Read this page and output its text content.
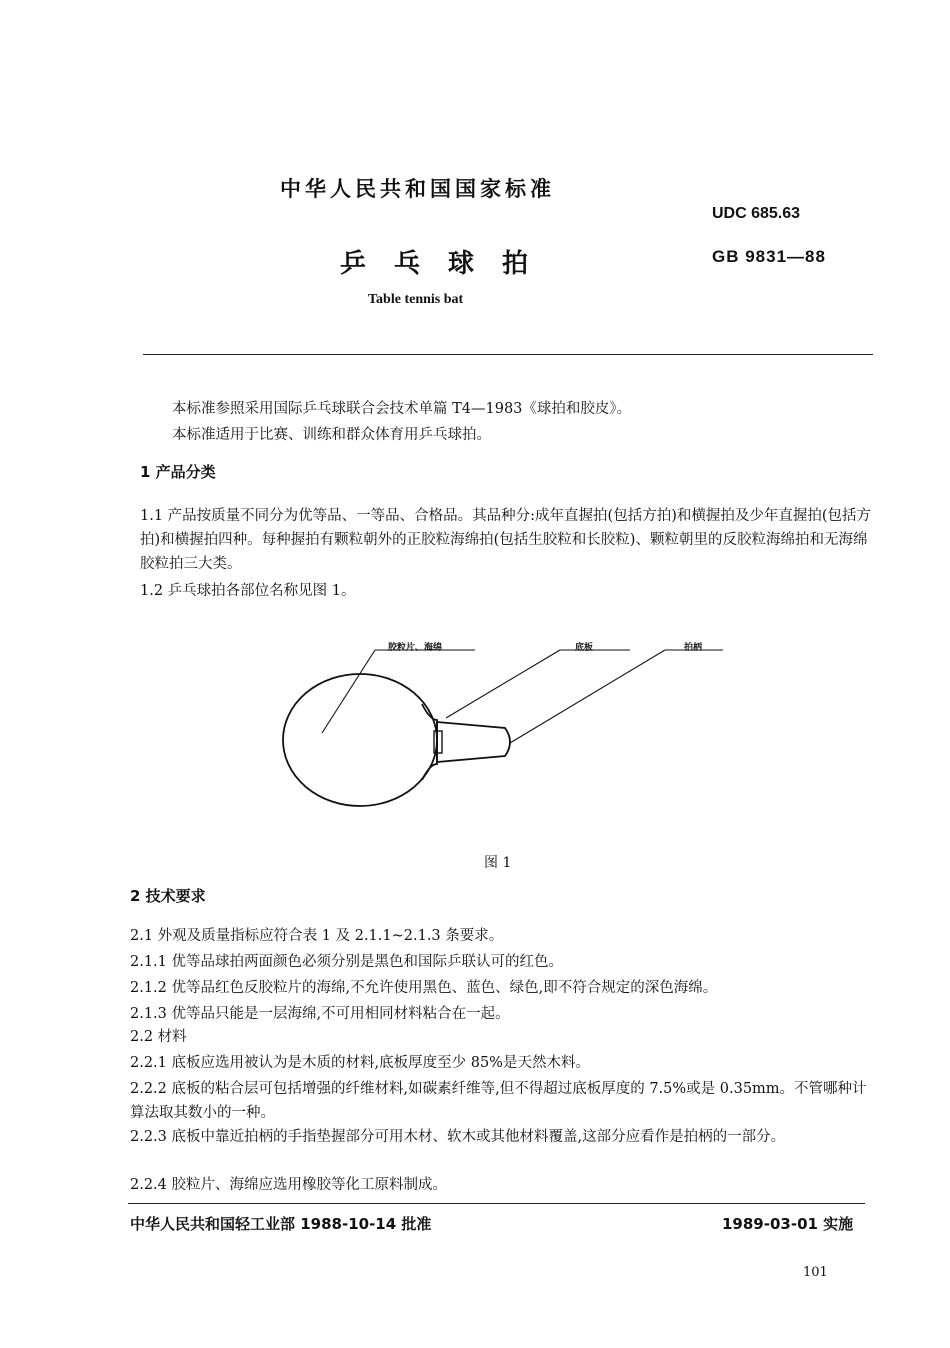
中华人民共和国国家标准
UDC 685.63
乒乓球拍	GB 9831—88
Table tennis bat
本标准参照采用国际乒乓球联合会技术单篇 T4—1983《球拍和胶皮》。
本标准适用于比赛、训练和群众体育用乒乓球拍。
1 产品分类
1.1 产品按质量不同分为优等品、一等品、合格品。其品种分:成年直握拍(包括方拍)和横握拍及少年直握拍(包括方拍)和横握拍四种。每种握拍有颗粒朝外的正胶粒海绵拍(包括生胶粒和长胶粒)、颗粒朝里的反胶粒海绵拍和无海绵胶粒拍三大类。
1.2 乒乓球拍各部位名称见图 1。
胶粒片、海绵	底板	拍柄
图 1
2 技术要求
2.1 外观及质量指标应符合表 1 及 2.1.1~2.1.3 条要求。
2.1.1 优等品球拍两面颜色必须分别是黑色和国际乒联认可的红色。
2.1.2 优等品红色反胶粒片的海绵,不允许使用黑色、蓝色、绿色,即不符合规定的深色海绵。
2.1.3 优等品只能是一层海绵,不可用相同材料粘合在一起。
2.2 材料
2.2.1 底板应选用被认为是木质的材料,底板厚度至少 85%是天然木料。
2.2.2 底板的粘合层可包括增强的纤维材料,如碳素纤维等,但不得超过底板厚度的 7.5%或是 0.35mm。不管哪种计算法取其数小的一种。
2.2.3 底板中靠近拍柄的手指垫握部分可用木材、软木或其他材料覆盖,这部分应看作是拍柄的一部分。
2.2.4 胶粒片、海绵应选用橡胶等化工原料制成。
中华人民共和国轻工业部 1988-10-14 批准	1989-03-01 实施
101
